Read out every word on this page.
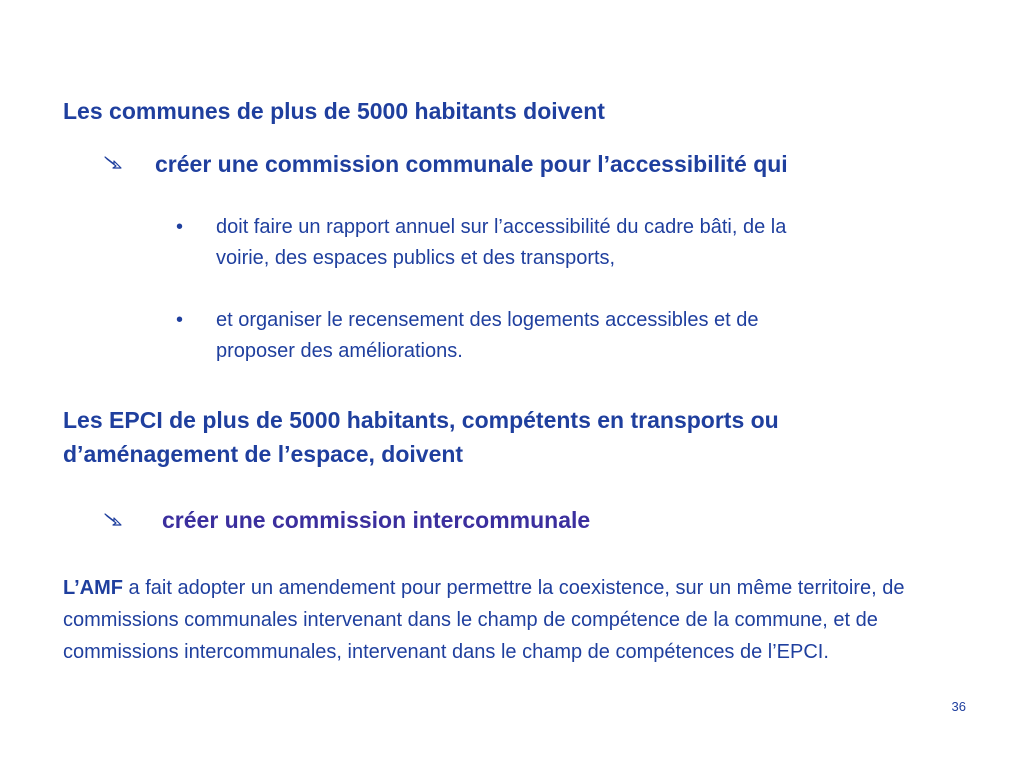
Les communes de plus de 5000 habitants doivent
créer une commission communale pour l’accessibilité qui
• doit faire un rapport annuel sur l’accessibilité du cadre bâti, de la
voirie, des espaces publics et des transports,
• et organiser le recensement des logements accessibles et de
proposer des améliorations.
Les EPCI de plus de 5000 habitants, compétents en transports ou
d’aménagement de l’espace, doivent
créer une commission intercommunale
L’AMF a fait adopter un amendement pour permettre la coexistence, sur un même territoire, de commissions communales intervenant dans le champ de compétence de la commune, et de commissions intercommunales, intervenant dans le champ de compétences de l’EPCI.
36
